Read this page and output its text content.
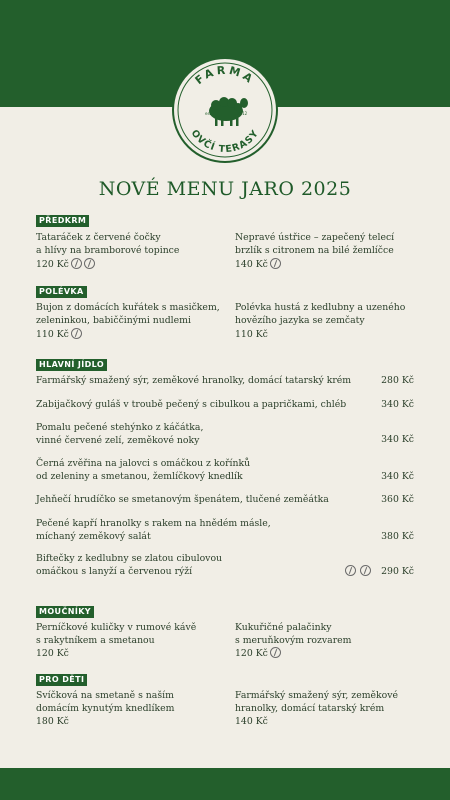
FARMA
OVČÍ TERASY
est.	2012
NOVÉ MENU JARO 2025
PŘEDKRM
Tataráček z červené čočky
a hlívy na bramborové topince
120 Kč
Nepravé ústřice – zapečený telecí
brzlík s citronem na bilé žemlíčce
140 Kč
POLÉVKA
Bujon z domácích kuřátek s masičkem,
zeleninkou, babiččinými nudlemi
110 Kč
Polévka hustá z kedlubny a uzeného
hovězího jazyka se zemčaty
110 Kč
HLAVNÍ JÍDLO
Farmářský smažený sýr, zeměkové hranolky, domácí tatarský krém	280 Kč
Zabijačkový guláš v troubě pečený s cibulkou a papričkami, chléb	340 Kč
Pomalu pečené stehýnko z káčátka,
vinné červené zelí, zeměkové noky	340 Kč
Černá zvěřina na jalovci s omáčkou z kořínků
od zeleniny a smetanou, žemlíčkový knedlík	340 Kč
Jehňečí hrudíčko se smetanovým špenátem, tlučené zeměátka	360 Kč
Pečené kapří hranolky s rakem na hnědém másle,
míchaný zeměkový salát	380 Kč
Biftečky z kedlubny se zlatou cibulovou
omáčkou s lanyží a červenou rýží	290 Kč
MOUČNÍKY
Perníčkové kuličky v rumové kávě
s rakytníkem a smetanou
120 Kč
Kukuřičné palačinky
s meruňkovým rozvarem
120 Kč
PRO DĚTI
Svíčková na smetaně s naším
domácím kynutým knedlíkem
180 Kč
Farmářský smažený sýr, zeměkové
hranolky, domácí tatarský krém
140 Kč
